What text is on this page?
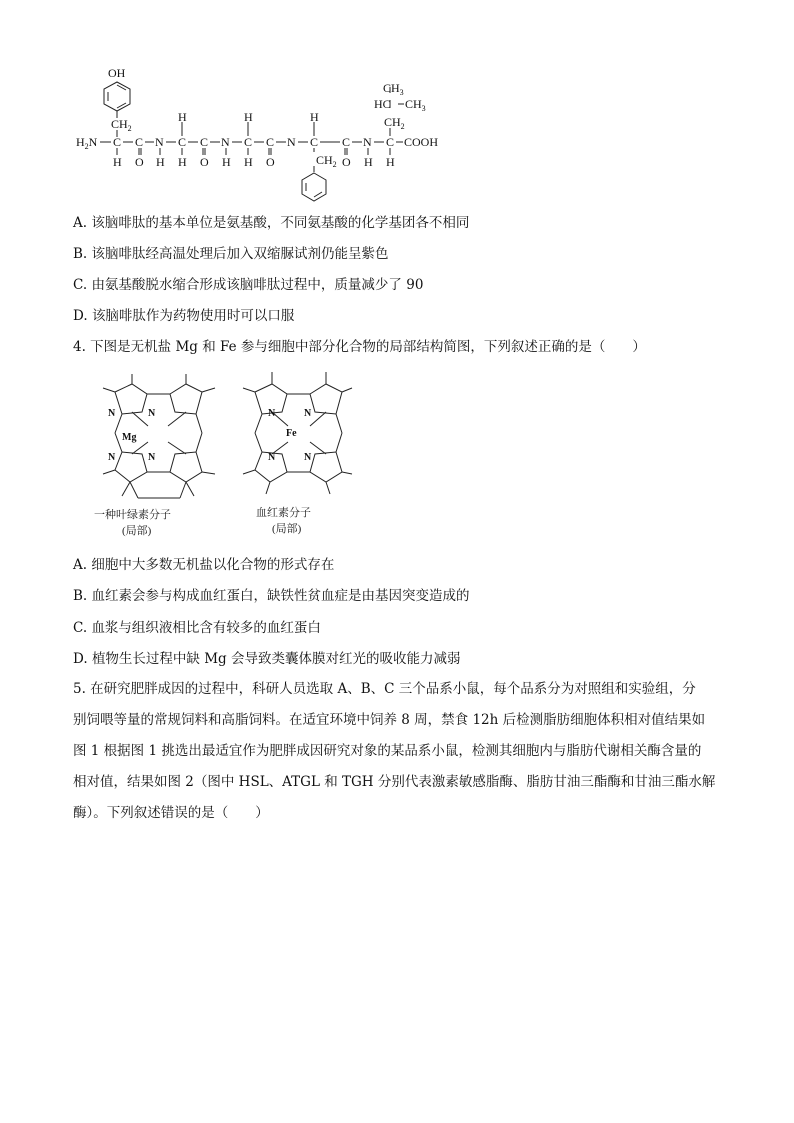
OH
$CH_2$
$H_2N$ C C N C C N C C N C C N C COOH
H	H	H
H O H H O H H O	$CH_2$ O H H
$CH_3$
HC $CH_3$
$CH_2$
A. 该脑啡肽的基本单位是氨基酸，不同氨基酸的化学基团各不相同
B. 该脑啡肽经高温处理后加入双缩脲试剂仍能呈紫色
C. 由氨基酸脱水缩合形成该脑啡肽过程中，质量减少了 90
D. 该脑啡肽作为药物使用时可以口服
4. 下图是无机盐 Mg 和 Fe 参与细胞中部分化合物的局部结构简图，下列叙述正确的是（　　）
N	N
N	N
Mg
N	N
N	N
Fe
一种叶绿素分子
(局部)
血红素分子
(局部)
A. 细胞中大多数无机盐以化合物的形式存在
B. 血红素会参与构成血红蛋白，缺铁性贫血症是由基因突变造成的
C. 血浆与组织液相比含有较多的血红蛋白
D. 植物生长过程中缺 Mg 会导致类囊体膜对红光的吸收能力减弱
5. 在研究肥胖成因的过程中，科研人员选取 A、B、C 三个品系小鼠，每个品系分为对照组和实验组，分
别饲喂等量的常规饲料和高脂饲料。在适宜环境中饲养 8 周，禁食 12h 后检测脂肪细胞体积相对值结果如
图 1 根据图 1 挑选出最适宜作为肥胖成因研究对象的某品系小鼠，检测其细胞内与脂肪代谢相关酶含量的
相对值，结果如图 2（图中 HSL、ATGL 和 TGH 分别代表激素敏感脂酶、脂肪甘油三酯酶和甘油三酯水解
酶）。下列叙述错误的是（　　）
